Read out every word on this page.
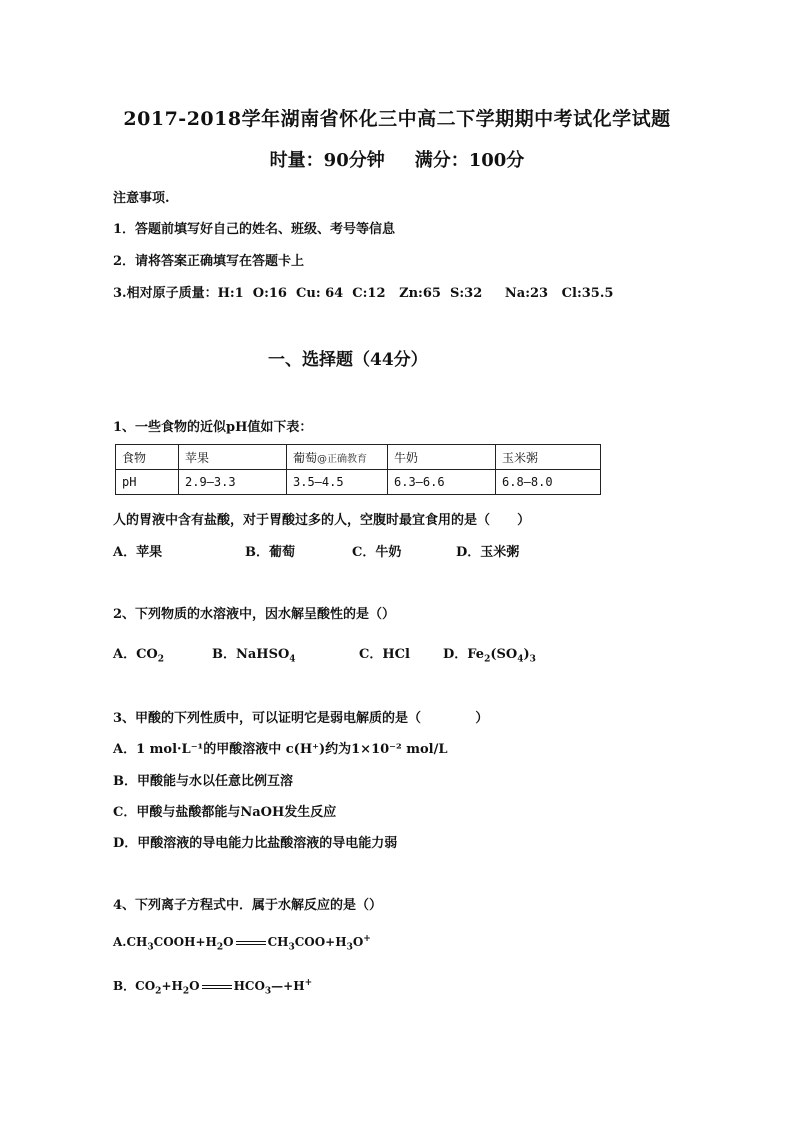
2017-2018学年湖南省怀化三中高二下学期期中考试化学试题
时量：90分钟 满分：100分
注意事项.
1．答题前填写好自己的姓名、班级、考号等信息
2．请将答案正确填写在答题卡上
3.相对原子质量：H:1  O:16  Cu: 64  C:12   Zn:65  S:32     Na:23   Cl:35.5
一、选择题（44分）
1、一些食物的近似pH值如下表：
食物	苹果	葡萄@正确教育	牛奶	玉米粥
pH	2.9—3.3	3.5—4.5	6.3—6.6	6.8—8.0
人的胃液中含有盐酸，对于胃酸过多的人，空腹时最宜食用的是（      ）
A．苹果	B．葡萄	C．牛奶	D．玉米粥
2、下列物质的水溶液中，因水解呈酸性的是（）
A．$CO_2$	B．NaHSO$_4$	C．HCl	D．$Fe_2(SO_4)_3$
3、甲酸的下列性质中，可以证明它是弱电解质的是（            ）
A．1 mol·L⁻¹的甲酸溶液中 c(H⁺)约为1×10⁻² mol/L
B．甲酸能与水以任意比例互溶
C．甲酸与盐酸都能与NaOH发生反应
D．甲酸溶液的导电能力比盐酸溶液的导电能力弱
4、下列离子方程式中．属于水解反应的是（）
$A.CH_3COOH+H_2O$	$CH_3COO+H_3O^+$
B．$CO_2+H_2O$	$HCO_3—+H^+$
